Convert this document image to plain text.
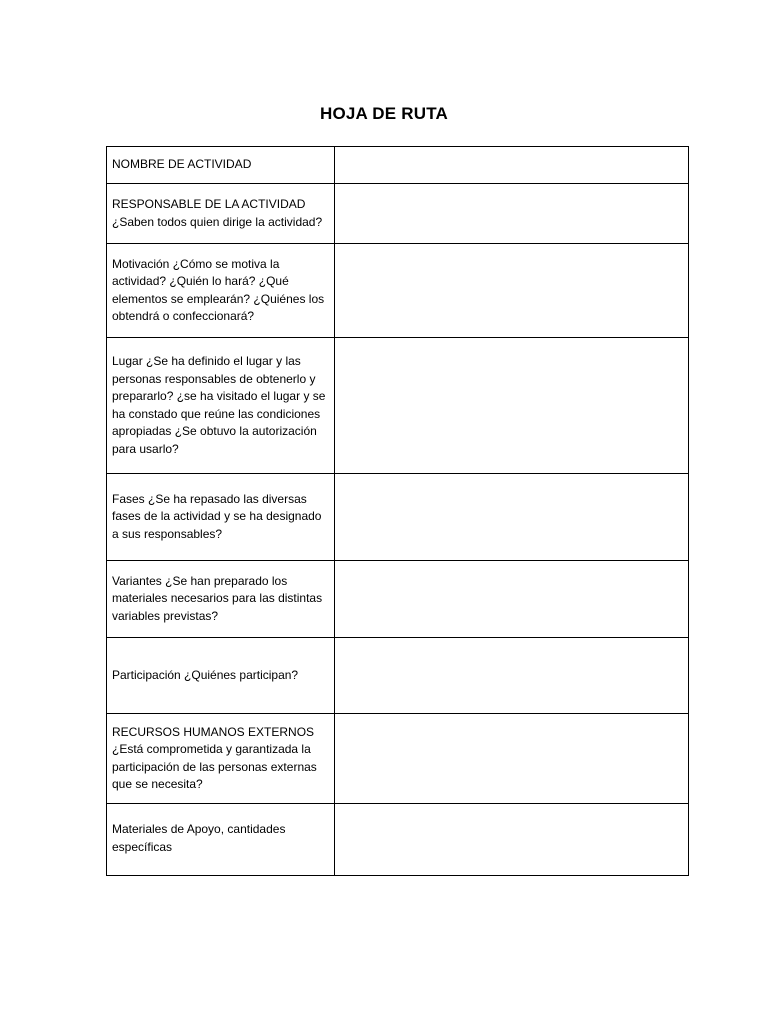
HOJA DE RUTA
NOMBRE DE ACTIVIDAD	

RESPONSABLE DE LA ACTIVIDAD ¿Saben todos quien dirige la actividad?	

Motivación ¿Cómo se motiva la actividad? ¿Quién lo hará? ¿Qué elementos se emplearán? ¿Quiénes los obtendrá o confeccionará?	

Lugar ¿Se ha definido el lugar y las personas responsables de obtenerlo y prepararlo? ¿se ha visitado el lugar y se ha constado que reúne las condiciones apropiadas ¿Se obtuvo la autorización para usarlo?	

Fases ¿Se ha repasado las diversas fases de la actividad y se ha designado a sus responsables?	

Variantes ¿Se han preparado los materiales necesarios para las distintas variables previstas?	

Participación ¿Quiénes participan?	

RECURSOS HUMANOS EXTERNOS ¿Está comprometida y garantizada la participación de las personas externas que se necesita?	

Materiales de Apoyo, cantidades específicas	
